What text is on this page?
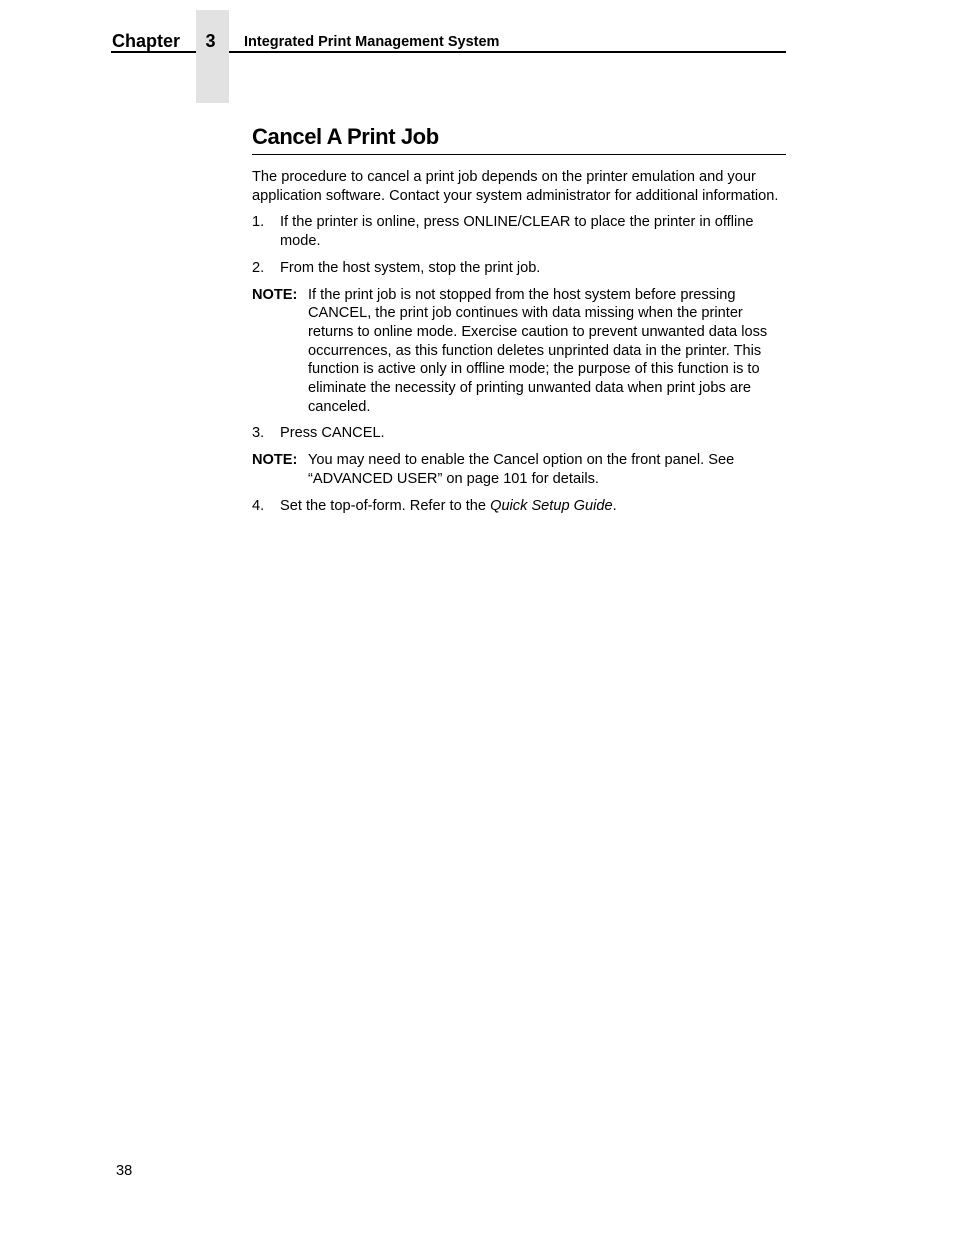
Chapter	3	Integrated Print Management System
Cancel A Print Job

The procedure to cancel a print job depends on the printer emulation and your application software. Contact your system administrator for additional information.

1.	If the printer is online, press ONLINE/CLEAR to place the printer in offline mode.
2.	From the host system, stop the print job.
NOTE: If the print job is not stopped from the host system before pressing CANCEL, the print job continues with data missing when the printer returns to online mode. Exercise caution to prevent unwanted data loss occurrences, as this function deletes unprinted data in the printer. This function is active only in offline mode; the purpose of this function is to eliminate the necessity of printing unwanted data when print jobs are canceled.
3.	Press CANCEL.
NOTE: You may need to enable the Cancel option on the front panel. See “ADVANCED USER” on page 101 for details.
4.	Set the top-of-form. Refer to the Quick Setup Guide.
38
